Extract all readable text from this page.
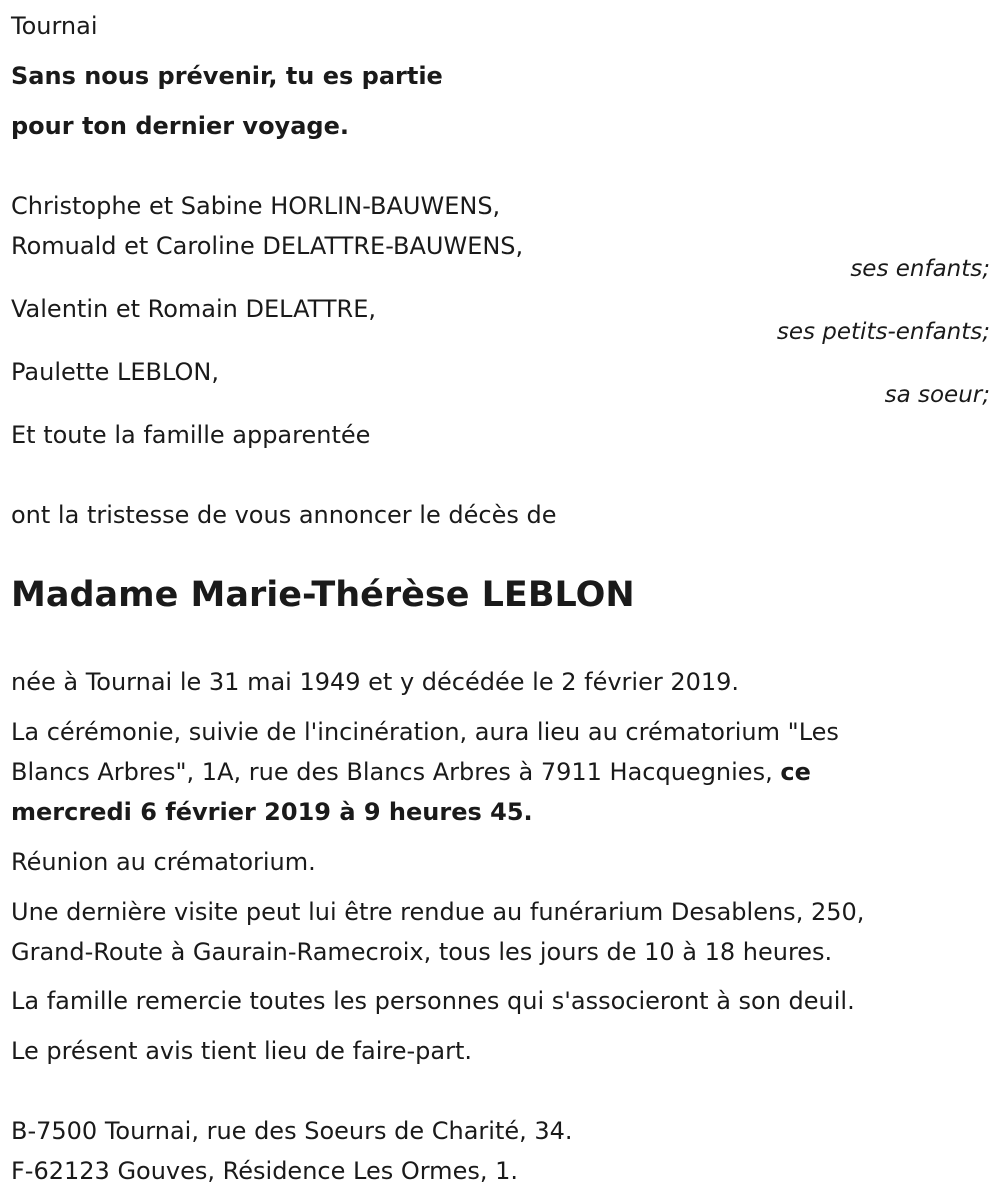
Tournai
Sans nous prévenir, tu es partie
pour ton dernier voyage.
Christophe et Sabine HORLIN-BAUWENS,
Romuald et Caroline DELATTRE-BAUWENS,
ses enfants;
Valentin et Romain DELATTRE,
ses petits-enfants;
Paulette LEBLON,
sa soeur;
Et toute la famille apparentée
ont la tristesse de vous annoncer le décès de
Madame Marie-Thérèse LEBLON
née à Tournai le 31 mai 1949 et y décédée le 2 février 2019.
La cérémonie, suivie de l'incinération, aura lieu au crématorium "Les
Blancs Arbres", 1A, rue des Blancs Arbres à 7911 Hacquegnies, ce
mercredi 6 février 2019 à 9 heures 45.
Réunion au crématorium.
Une dernière visite peut lui être rendue au funérarium Desablens, 250,
Grand-Route à Gaurain-Ramecroix, tous les jours de 10 à 18 heures.
La famille remercie toutes les personnes qui s'associeront à son deuil.
Le présent avis tient lieu de faire-part.
B-7500 Tournai, rue des Soeurs de Charité, 34.
F-62123 Gouves, Résidence Les Ormes, 1.
